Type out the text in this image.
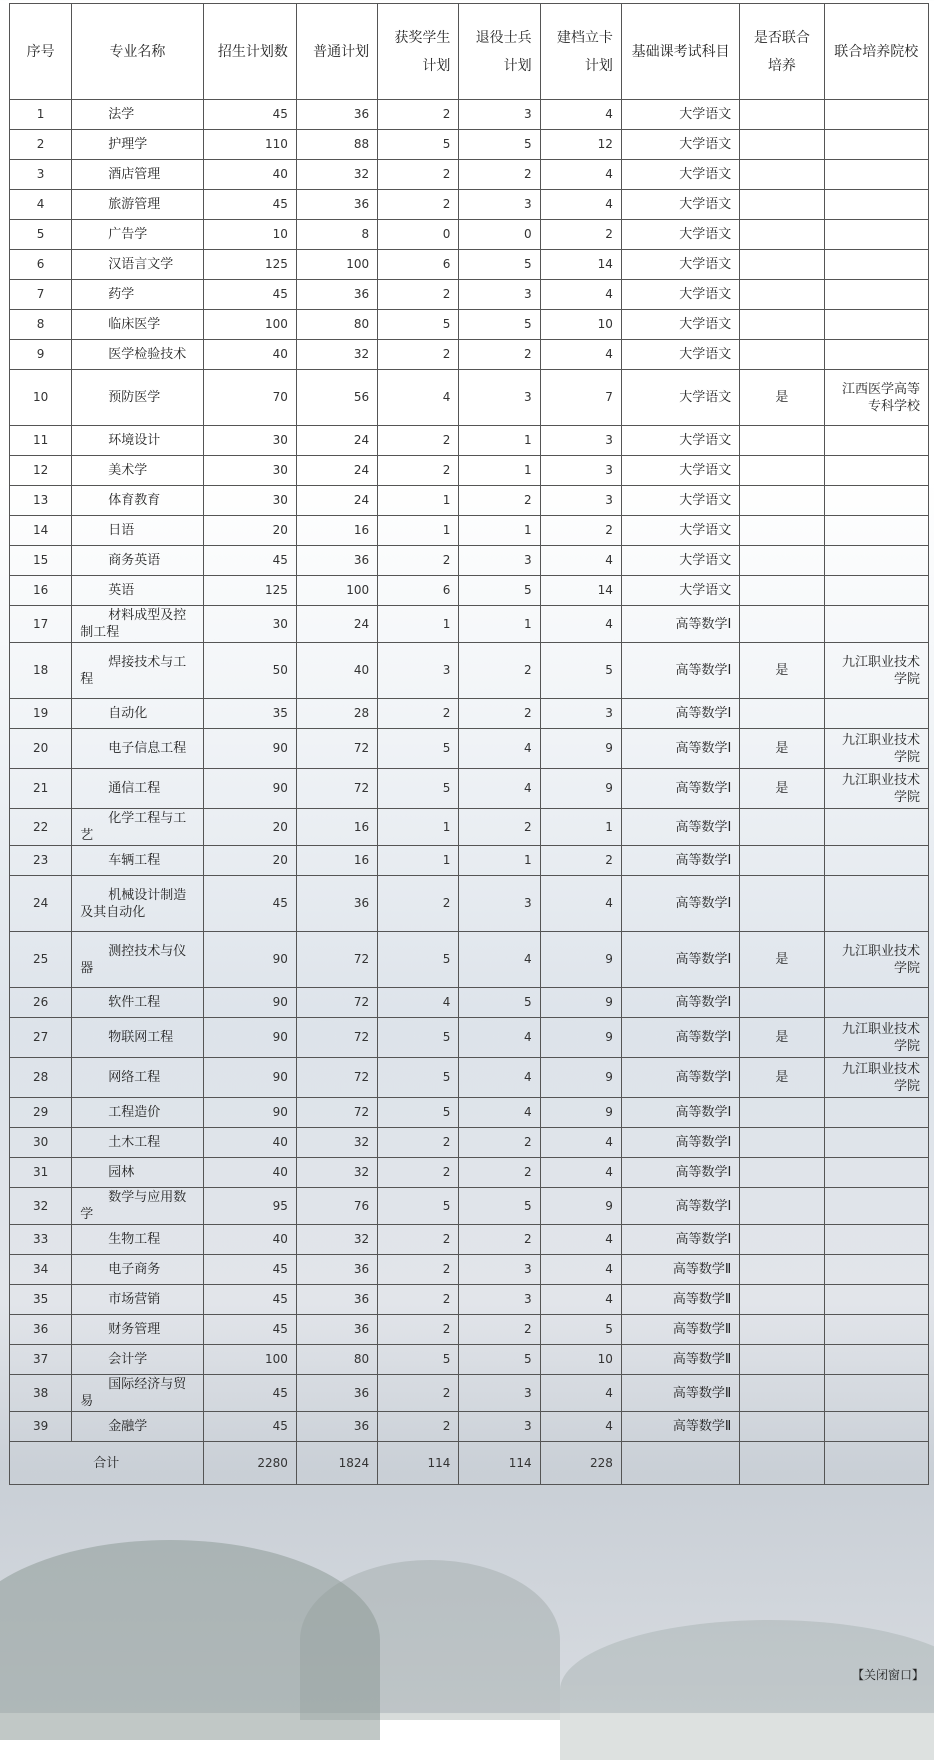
序号	专业名称	招生计划数	普通计划	获奖学生计划	退役士兵计划	建档立卡计划	基础课考试科目	是否联合培养	联合培养院校
1	法学	45	36	2	3	4	大学语文		
2	护理学	110	88	5	5	12	大学语文		
3	酒店管理	40	32	2	2	4	大学语文		
4	旅游管理	45	36	2	3	4	大学语文		
5	广告学	10	8	0	0	2	大学语文		
6	汉语言文学	125	100	6	5	14	大学语文		
7	药学	45	36	2	3	4	大学语文		
8	临床医学	100	80	5	5	10	大学语文		
9	医学检验技术	40	32	2	2	4	大学语文		
10	预防医学	70	56	4	3	7	大学语文	是	江西医学高等专科学校
11	环境设计	30	24	2	1	3	大学语文		
12	美术学	30	24	2	1	3	大学语文		
13	体育教育	30	24	1	2	3	大学语文		
14	日语	20	16	1	1	2	大学语文		
15	商务英语	45	36	2	3	4	大学语文		
16	英语	125	100	6	5	14	大学语文		
17	材料成型及控制工程	30	24	1	1	4	高等数学Ⅰ		
18	焊接技术与工程	50	40	3	2	5	高等数学Ⅰ	是	九江职业技术学院
19	自动化	35	28	2	2	3	高等数学Ⅰ		
20	电子信息工程	90	72	5	4	9	高等数学Ⅰ	是	九江职业技术学院
21	通信工程	90	72	5	4	9	高等数学Ⅰ	是	九江职业技术学院
22	化学工程与工艺	20	16	1	2	1	高等数学Ⅰ		
23	车辆工程	20	16	1	1	2	高等数学Ⅰ		
24	机械设计制造及其自动化	45	36	2	3	4	高等数学Ⅰ		
25	测控技术与仪器	90	72	5	4	9	高等数学Ⅰ	是	九江职业技术学院
26	软件工程	90	72	4	5	9	高等数学Ⅰ		
27	物联网工程	90	72	5	4	9	高等数学Ⅰ	是	九江职业技术学院
28	网络工程	90	72	5	4	9	高等数学Ⅰ	是	九江职业技术学院
29	工程造价	90	72	5	4	9	高等数学Ⅰ		
30	土木工程	40	32	2	2	4	高等数学Ⅰ		
31	园林	40	32	2	2	4	高等数学Ⅰ		
32	数学与应用数学	95	76	5	5	9	高等数学Ⅰ		
33	生物工程	40	32	2	2	4	高等数学Ⅰ		
34	电子商务	45	36	2	3	4	高等数学Ⅱ		
35	市场营销	45	36	2	3	4	高等数学Ⅱ		
36	财务管理	45	36	2	2	5	高等数学Ⅱ		
37	会计学	100	80	5	5	10	高等数学Ⅱ		
38	国际经济与贸易	45	36	2	3	4	高等数学Ⅱ		
39	金融学	45	36	2	3	4	高等数学Ⅱ		
合计		2280	1824	114	114	228			
【关闭窗口】
